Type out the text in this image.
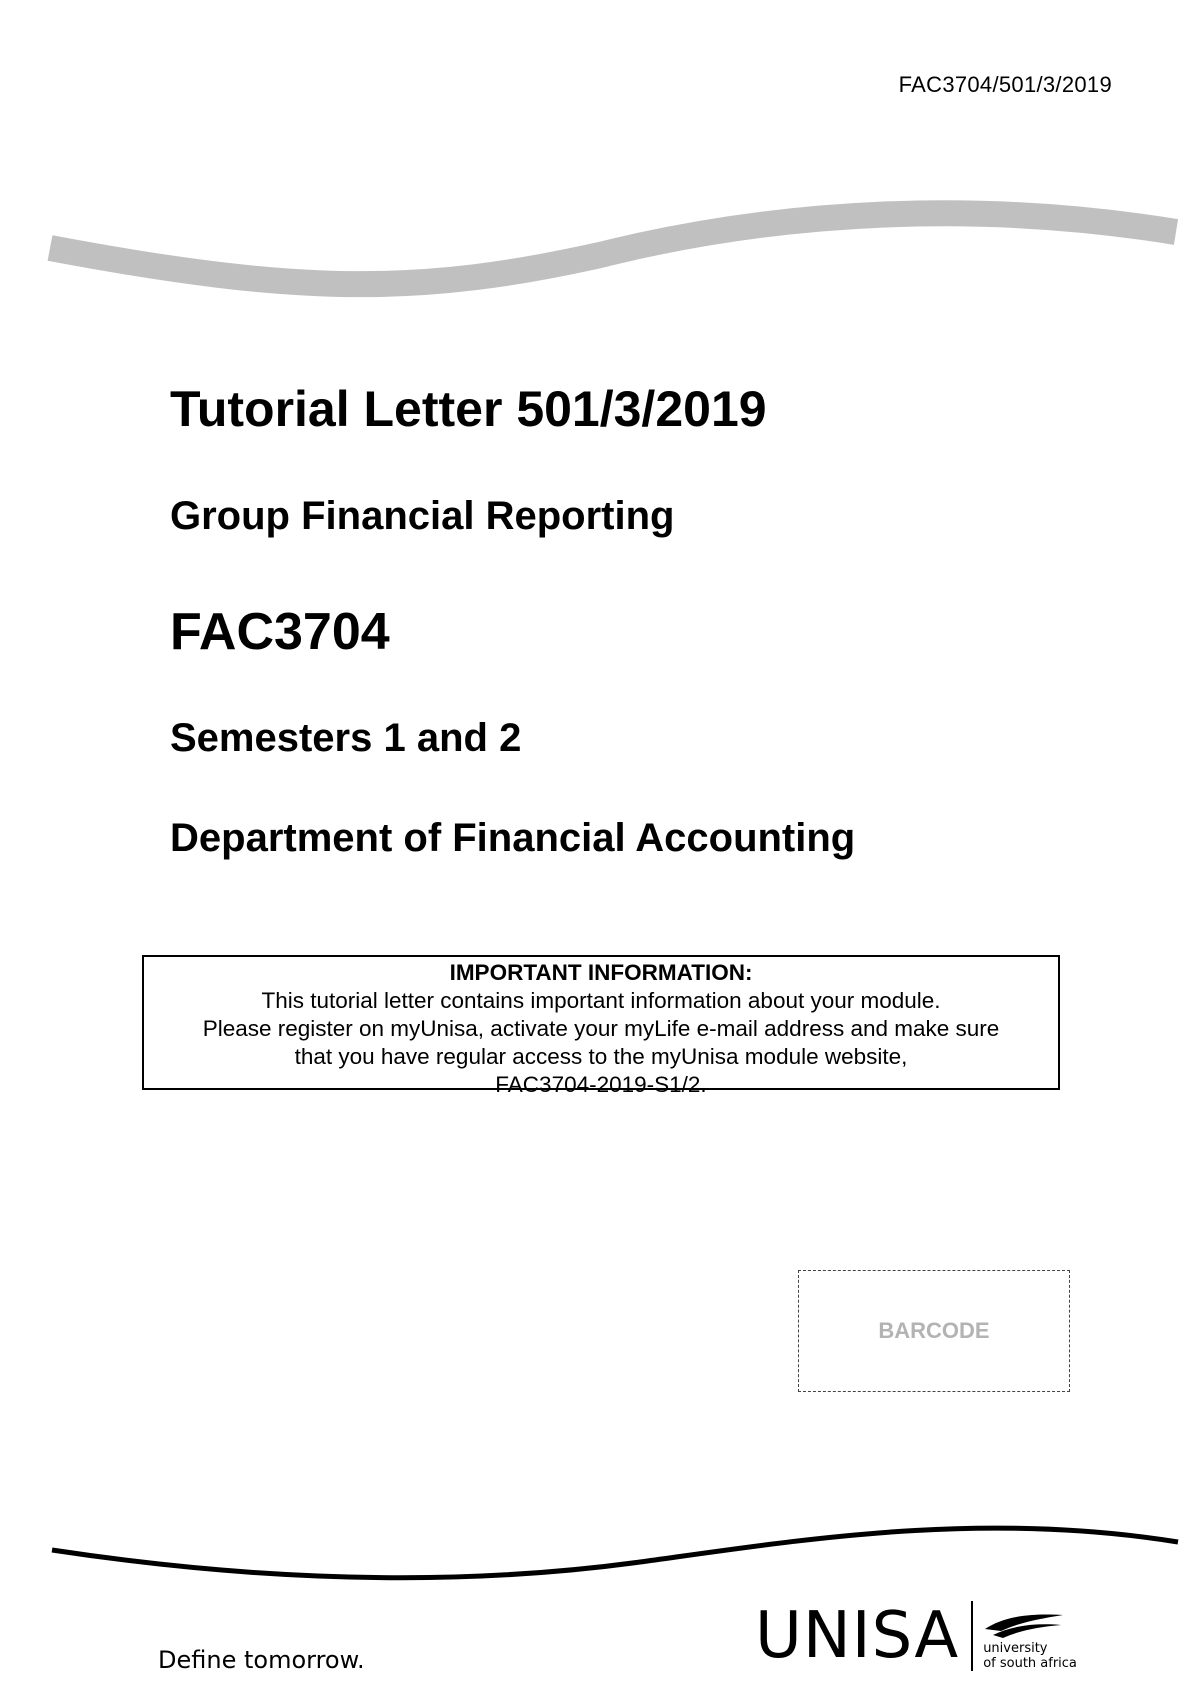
FAC3704/501/3/2019
Tutorial Letter 501/3/2019
Group Financial Reporting
FAC3704
Semesters 1 and 2
Department of Financial Accounting
IMPORTANT INFORMATION:
This tutorial letter contains important information about your module.
Please register on myUnisa, activate your myLife e-mail address and make sure
that you have regular access to the myUnisa module website,
FAC3704-2019-S1/2.
BARCODE
Define tomorrow.	UNISA university
of south africa
